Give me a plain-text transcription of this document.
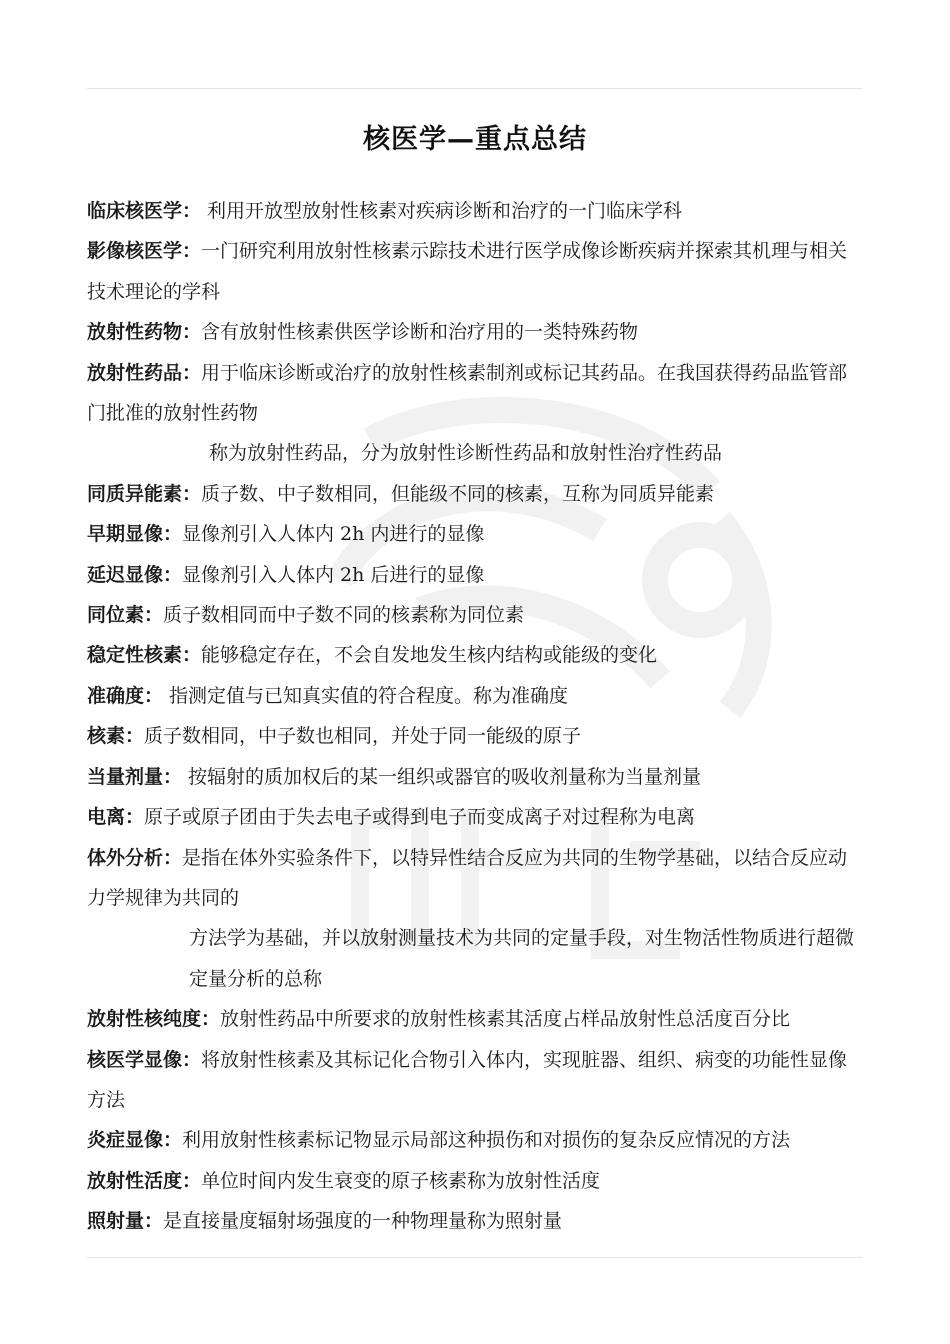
核医学—重点总结

临床核医学： 利用开放型放射性核素对疾病诊断和治疗的一门临床学科

影像核医学：一门研究利用放射性核素示踪技术进行医学成像诊断疾病并探索其机理与相关技术理论的学科

放射性药物：含有放射性核素供医学诊断和治疗用的一类特殊药物

放射性药品：用于临床诊断或治疗的放射性核素制剂或标记其药品。在我国获得药品监管部门批准的放射性药物

称为放射性药品，分为放射性诊断性药品和放射性治疗性药品

同质异能素：质子数、中子数相同，但能级不同的核素，互称为同质异能素

早期显像：显像剂引入人体内 2h 内进行的显像

延迟显像：显像剂引入人体内 2h 后进行的显像

同位素：质子数相同而中子数不同的核素称为同位素

稳定性核素：能够稳定存在，不会自发地发生核内结构或能级的变化

准确度： 指测定值与已知真实值的符合程度。称为准确度

核素：质子数相同，中子数也相同，并处于同一能级的原子

当量剂量： 按辐射的质加权后的某一组织或器官的吸收剂量称为当量剂量

电离：原子或原子团由于失去电子或得到电子而变成离子对过程称为电离

体外分析：是指在体外实验条件下，以特异性结合反应为共同的生物学基础，以结合反应动力学规律为共同的

方法学为基础，并以放射测量技术为共同的定量手段，对生物活性物质进行超微定量分析的总称

放射性核纯度：放射性药品中所要求的放射性核素其活度占样品放射性总活度百分比

核医学显像：将放射性核素及其标记化合物引入体内，实现脏器、组织、病变的功能性显像方法

炎症显像：利用放射性核素标记物显示局部这种损伤和对损伤的复杂反应情况的方法

放射性活度：单位时间内发生衰变的原子核素称为放射性活度

照射量：是直接量度辐射场强度的一种物理量称为照射量
